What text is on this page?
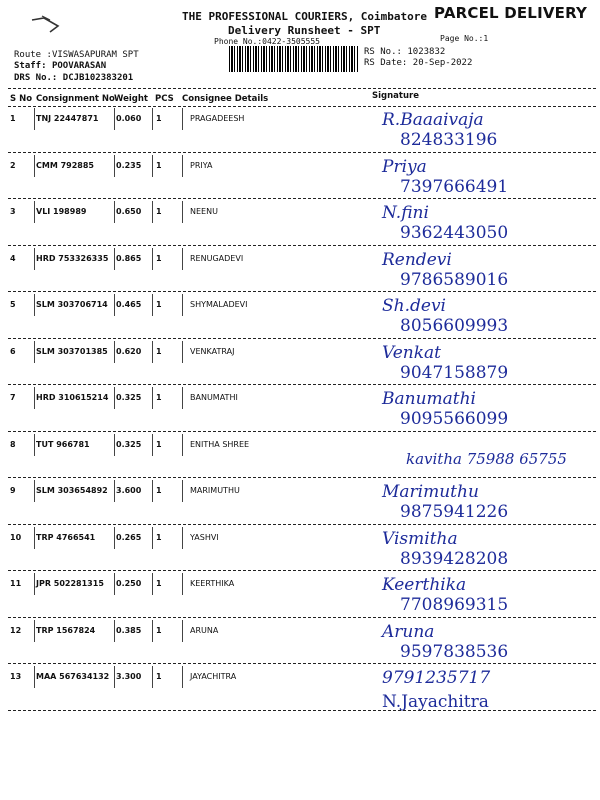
THE PROFESSIONAL COURIERS, Coimbatore PARCEL DELIVERY
Delivery Runsheet - SPT
Phone No.:0422-3505555	Page No.:1
Route :VISWASAPURAM SPT
Staff: POOVARASAN
DRS No.: DCJB102383201
RS No.: 1023832
RS Date: 20-Sep-2022
S No Consignment No Weight PCS Consignee Details	Signature
1	TNJ 22447871 0.060 1	PRAGADEESH	R.Baaaivaja
824833196
2	CMM 792885	0.235 1	PRIYA	Priya
7397666491
3	VLI 198989	0.650 1	NEENU	N.fini
9362443050
4	HRD 753326335 0.865 1	RENUGADEVI	Rendevi
9786589016
5	SLM 303706714 0.465 1	SHYMALADEVI	Sh.devi
8056609993
6	SLM 303701385 0.620 1	VENKATRAJ	Venkat
9047158879
7	HRD 310615214 0.325 1	BANUMATHI	Banumathi
9095566099
8	TUT 966781	0.325 1	ENITHA SHREE
kavitha 75988 65755
9	SLM 303654892 3.600 1	MARIMUTHU	Marimuthu
9875941226
10 TRP 4766541	0.265 1	YASHVI	Vismitha
8939428208
11 JPR 502281315 0.250 1	KEERTHIKA	Keerthika
7708969315
12 TRP 1567824	0.385 1	ARUNA	Aruna
9597838536
13 MAA 567634132 3.300 1	JAYACHITRA	9791235717
N.Jayachitra
